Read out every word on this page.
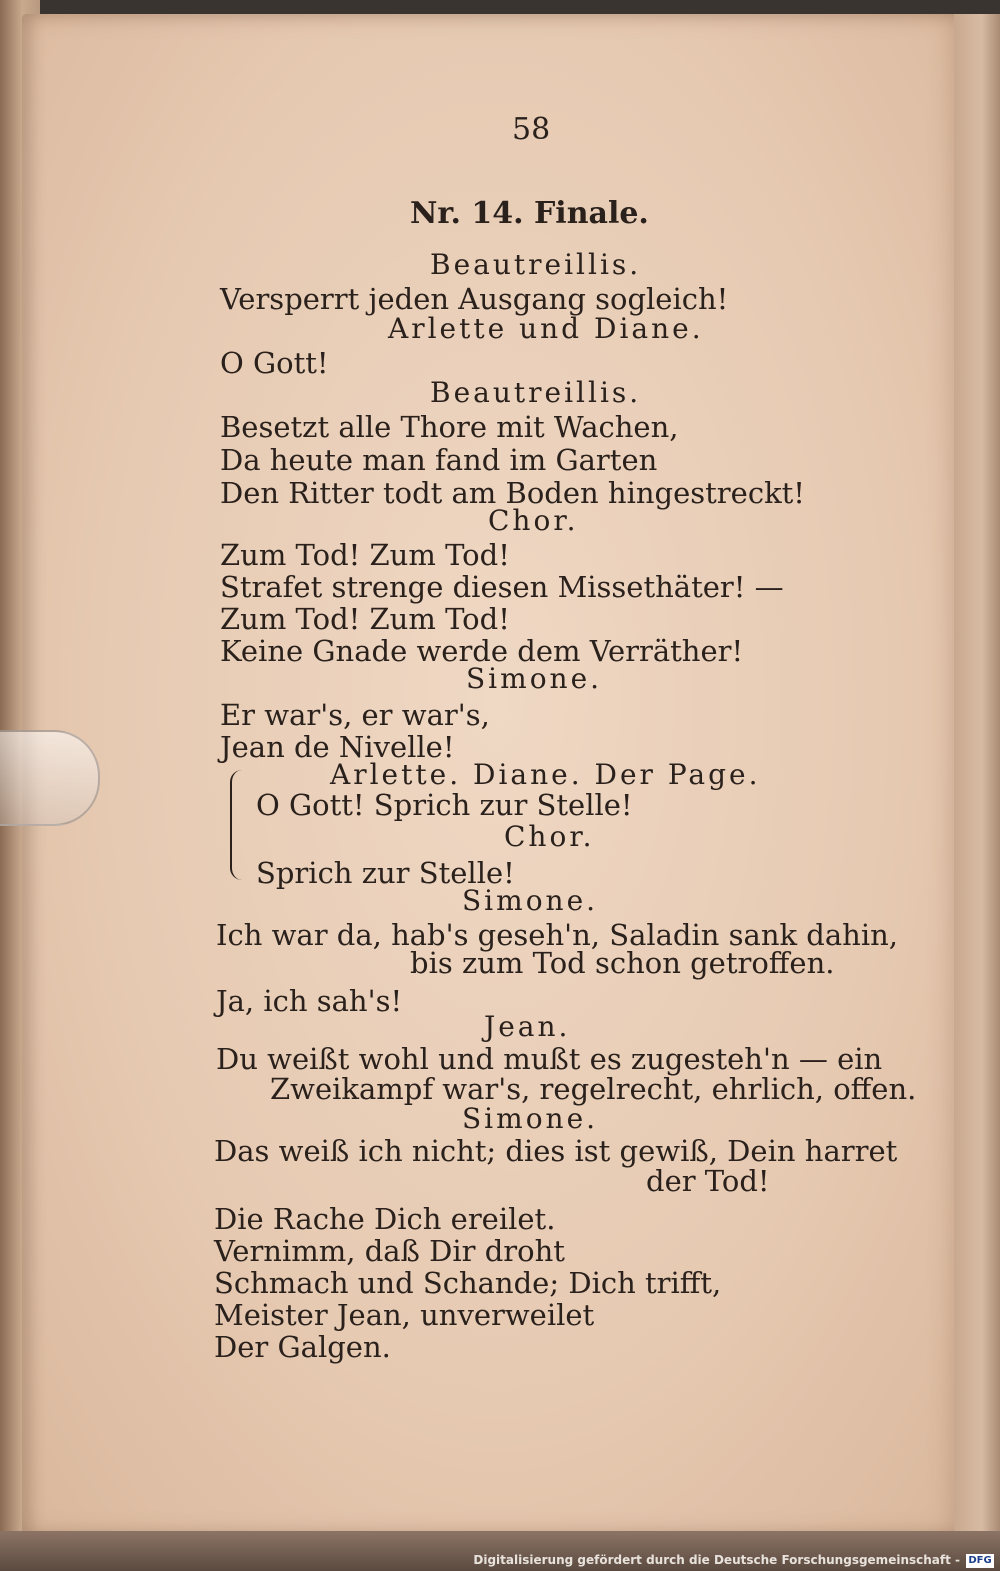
58
Nr. 14. Finale.
Beautreillis.
Versperrt jeden Ausgang sogleich!
Arlette und Diane.
O Gott!
Beautreillis.
Besetzt alle Thore mit Wachen,
Da heute man fand im Garten
Den Ritter todt am Boden hingestreckt!
Chor.
Zum Tod! Zum Tod!
Strafet strenge diesen Missethäter! —
Zum Tod! Zum Tod!
Keine Gnade werde dem Verräther!
Simone.
Er war's, er war's,
Jean de Nivelle!
Arlette. Diane. Der Page.
O Gott! Sprich zur Stelle!
Chor.
Sprich zur Stelle!
Simone.
Ich war da, hab's geseh'n, Saladin sank dahin,
bis zum Tod schon getroffen.
Ja, ich sah's!
Jean.
Du weißt wohl und mußt es zugesteh'n — ein
Zweikampf war's, regelrecht, ehrlich, offen.
Simone.
Das weiß ich nicht; dies ist gewiß, Dein harret
der Tod!
Die Rache Dich ereilet.
Vernimm, daß Dir droht
Schmach und Schande; Dich trifft,
Meister Jean, unverweilet
Der Galgen.
Digitalisierung gefördert durch die Deutsche Forschungsgemeinschaft - DFG
